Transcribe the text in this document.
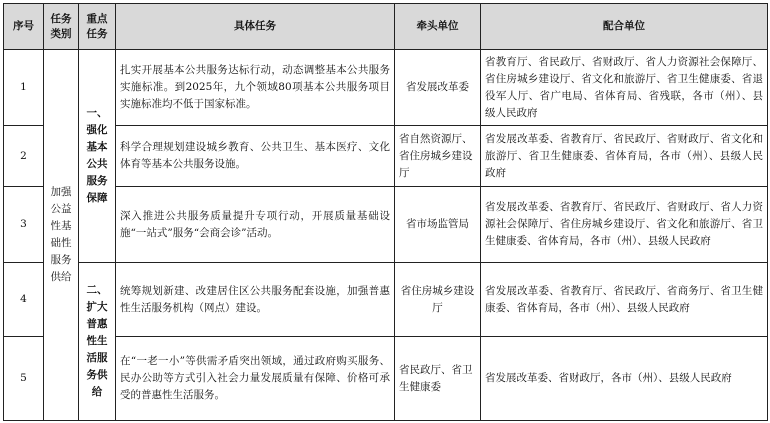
序号	任务类别	重点任务	具体任务	牵头单位	配合单位
1	加强公益性基础性服务供给	一、强化基本公共服务保障	扎实开展基本公共服务达标行动，动态调整基本公共服务实施标准。到2025年，九个领域80项基本公共服务项目实施标准均不低于国家标准。	省发展改革委	省教育厅、省民政厅、省财政厅、省人力资源社会保障厅、省住房城乡建设厅、省文化和旅游厅、省卫生健康委、省退役军人厅、省广电局、省体育局、省残联，各市（州）、县级人民政府
2			科学合理规划建设城乡教育、公共卫生、基本医疗、文化体育等基本公共服务设施。	省自然资源厅、省住房城乡建设厅	省发展改革委、省教育厅、省民政厅、省财政厅、省文化和旅游厅、省卫生健康委、省体育局，各市（州）、县级人民政府
3			深入推进公共服务质量提升专项行动，开展质量基础设施“一站式”服务“会商会诊”活动。	省市场监管局	省发展改革委、省教育厅、省民政厅、省财政厅、省人力资源社会保障厅、省住房城乡建设厅、省文化和旅游厅、省卫生健康委、省体育局，各市（州）、县级人民政府
4		二、扩大普惠性生活服务供给	统筹规划新建、改建居住区公共服务配套设施，加强普惠性生活服务机构（网点）建设。	省住房城乡建设厅	省发展改革委、省教育厅、省民政厅、省商务厅、省卫生健康委、省体育局，各市（州）、县级人民政府
5			在“一老一小”等供需矛盾突出领域，通过政府购买服务、民办公助等方式引入社会力量发展质量有保障、价格可承受的普惠性生活服务。	省民政厅、省卫生健康委	省发展改革委、省财政厅，各市（州）、县级人民政府
